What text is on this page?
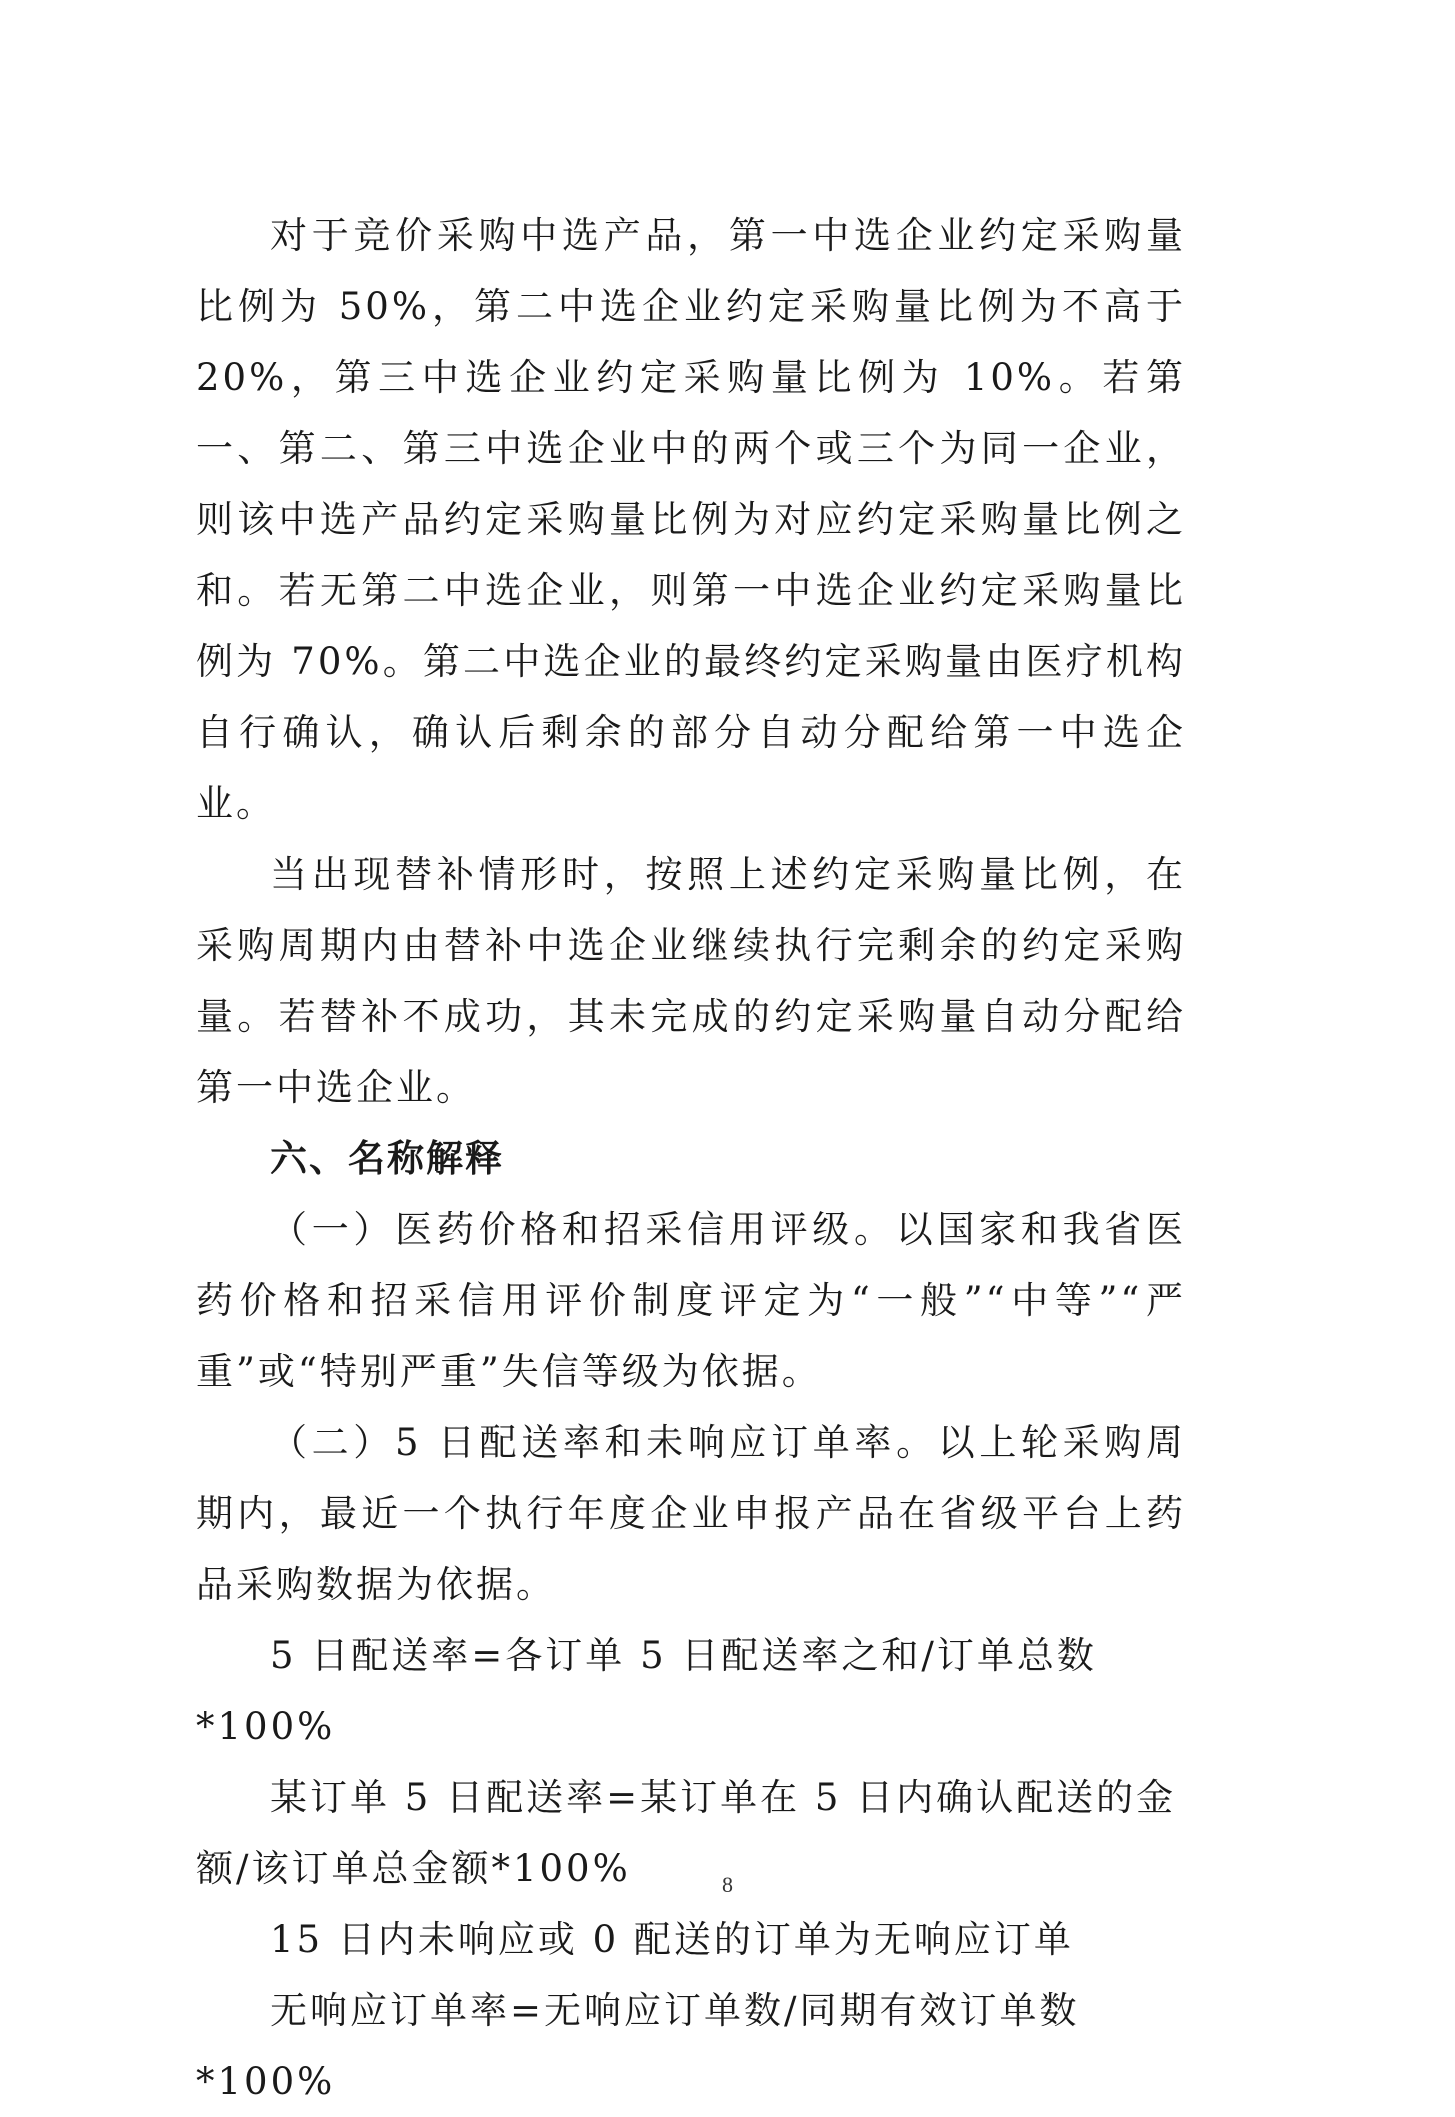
对于竞价采购中选产品，第一中选企业约定采购量比例为 50%，第二中选企业约定采购量比例为不高于 20%，第三中选企业约定采购量比例为 10%。若第一、第二、第三中选企业中的两个或三个为同一企业，则该中选产品约定采购量比例为对应约定采购量比例之和。若无第二中选企业，则第一中选企业约定采购量比例为 70%。第二中选企业的最终约定采购量由医疗机构自行确认，确认后剩余的部分自动分配给第一中选企业。

当出现替补情形时，按照上述约定采购量比例，在采购周期内由替补中选企业继续执行完剩余的约定采购量。若替补不成功，其未完成的约定采购量自动分配给第一中选企业。

六、名称解释

（一）医药价格和招采信用评级。以国家和我省医药价格和招采信用评价制度评定为“一般”“中等”“严重”或“特别严重”失信等级为依据。

（二）5 日配送率和未响应订单率。以上轮采购周期内，最近一个执行年度企业申报产品在省级平台上药品采购数据为依据。

5 日配送率=各订单 5 日配送率之和/订单总数*100%

某订单 5 日配送率=某订单在 5 日内确认配送的金额/该订单总金额*100%

15 日内未响应或 0 配送的订单为无响应订单

无响应订单率=无响应订单数/同期有效订单数*100%

8
